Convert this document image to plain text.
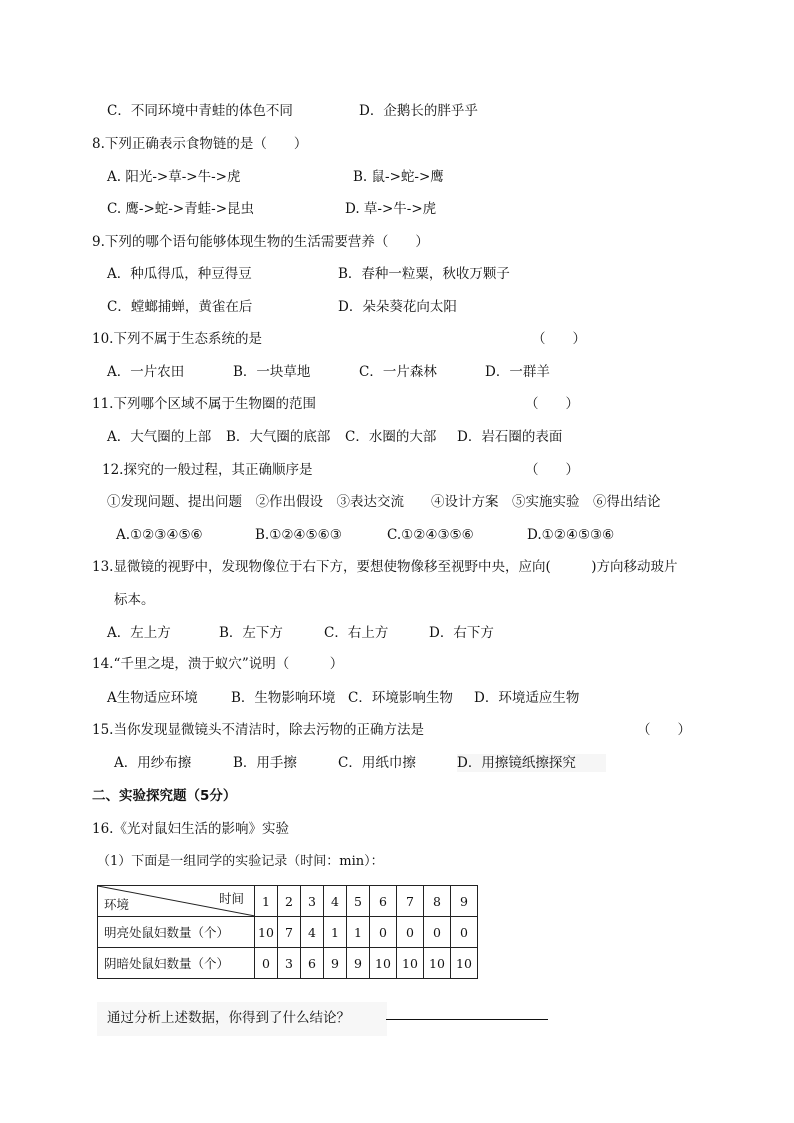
C．不同环境中青蛙的体色不同	D．企鹅长的胖乎乎
8.下列正确表示食物链的是（　　）
A. 阳光->草->牛->虎	B. 鼠->蛇->鹰
C. 鹰->蛇->青蛙->昆虫	D. 草->牛->虎
9.下列的哪个语句能够体现生物的生活需要营养（　　）
A．种瓜得瓜，种豆得豆	B．春种一粒粟，秋收万颗子
C．螳螂捕蝉，黄雀在后	D．朵朵葵花向太阳
10.下列不属于生态系统的是	（　　）
A．一片农田	B．一块草地	C．一片森林	D．一群羊
11.下列哪个区域不属于生物圈的范围	（　　）
A．大气圈的上部 B．大气圈的底部 C．水圈的大部 D．岩石圈的表面
12.探究的一般过程，其正确顺序是	（　　）
①发现问题、提出问题　②作出假设　③表达交流　　④设计方案　⑤实施实验　⑥得出结论
A.①②③④⑤⑥	B.①②④⑤⑥③	C.①②④③⑤⑥	D.①②④⑤③⑥
13.显微镜的视野中，发现物像位于右下方，要想使物像移至视野中央，应向(　　　)方向移动玻片
标本。
A．左上方	B．左下方	C．右上方	D．右下方
14.“千里之堤，溃于蚁穴”说明（　　　）
A生物适应环境 B．生物影响环境 C．环境影响生物 D．环境适应生物
15.当你发现显微镜头不清洁时，除去污物的正确方法是	（　　）
A．用纱布擦	B．用手擦	C．用纸巾擦	D．用擦镜纸擦探究
二、实验探究题（5分）
16.《光对鼠妇生活的影响》实验
（1）下面是一组同学的实验记录（时间：min）：
环境 时间	1	2	3	4	5	6	7	8	9
明亮处鼠妇数量（个）	10	7	4	1	1	0	0	0	0
阴暗处鼠妇数量（个）	0	3	6	9	9	10	10	10	10
通过分析上述数据，你得到了什么结论？
